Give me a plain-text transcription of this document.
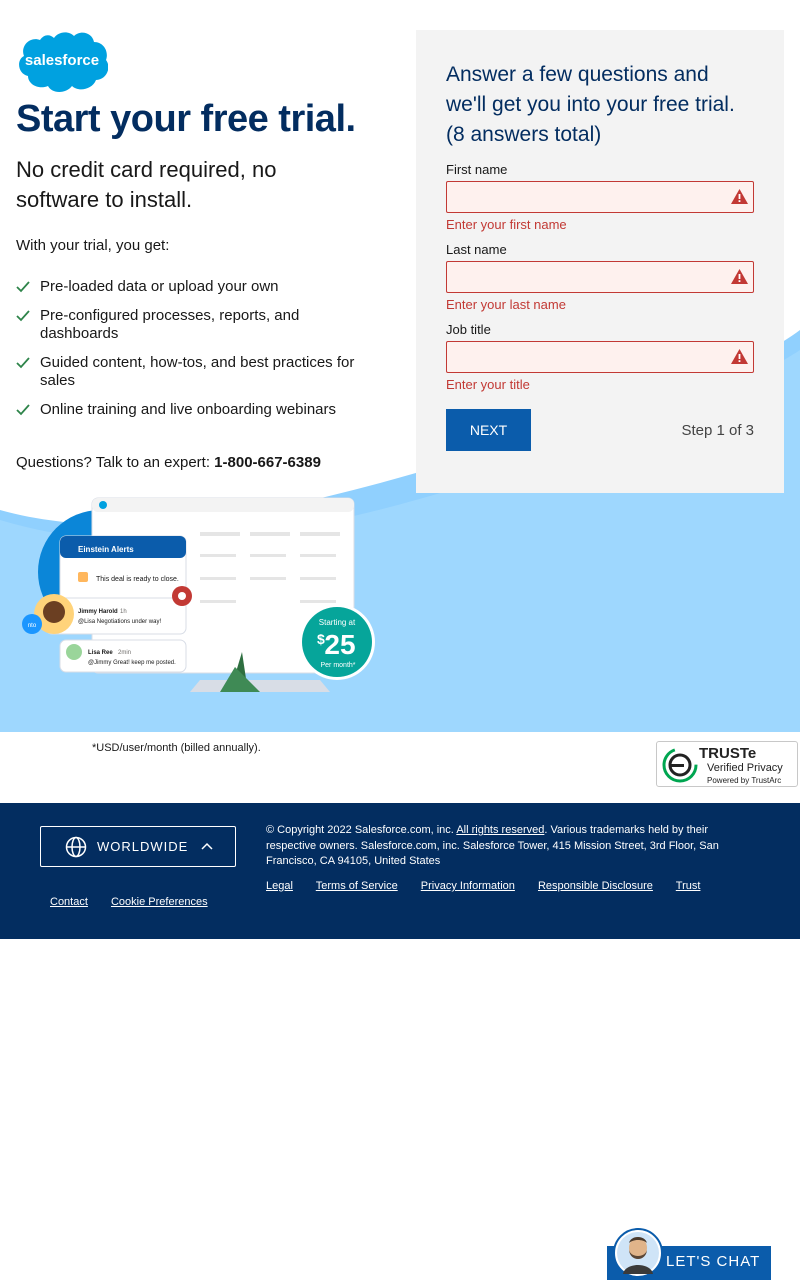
salesforce
Start your free trial.

No credit card required, no software to install.

With your trial, you get:

Pre-loaded data or upload your own
Pre-configured processes, reports, and dashboards
Guided content, how-tos, and best practices for sales
Online training and live onboarding webinars

Questions? Talk to an expert: 1-800-667-6389

Einstein Alerts
This deal is ready to close.
Jimmy Harold 1h
@Lisa Negotiations under way!
nto
Lisa Ree 2min
@Jimmy Great! keep me posted.
Starting at
$ 25
Per month*
Answer a few questions and we'll get you into your free trial. (8 answers total)
First name
Enter your first name
Last name
Enter your last name
Job title
Enter your title
NEXT	Step 1 of 3

*USD/user/month (billed annually).	TRUSTe
Verified Privacy
Powered by TrustArc
WORLDWIDE
Contact Cookie Preferences

© Copyright 2022 Salesforce.com, inc. All rights reserved. Various trademarks held by their respective owners. Salesforce.com, inc. Salesforce Tower, 415 Mission Street, 3rd Floor, San Francisco, CA 94105, United States

Legal Terms of Service Privacy Information Responsible Disclosure Trust
LET'S CHAT
